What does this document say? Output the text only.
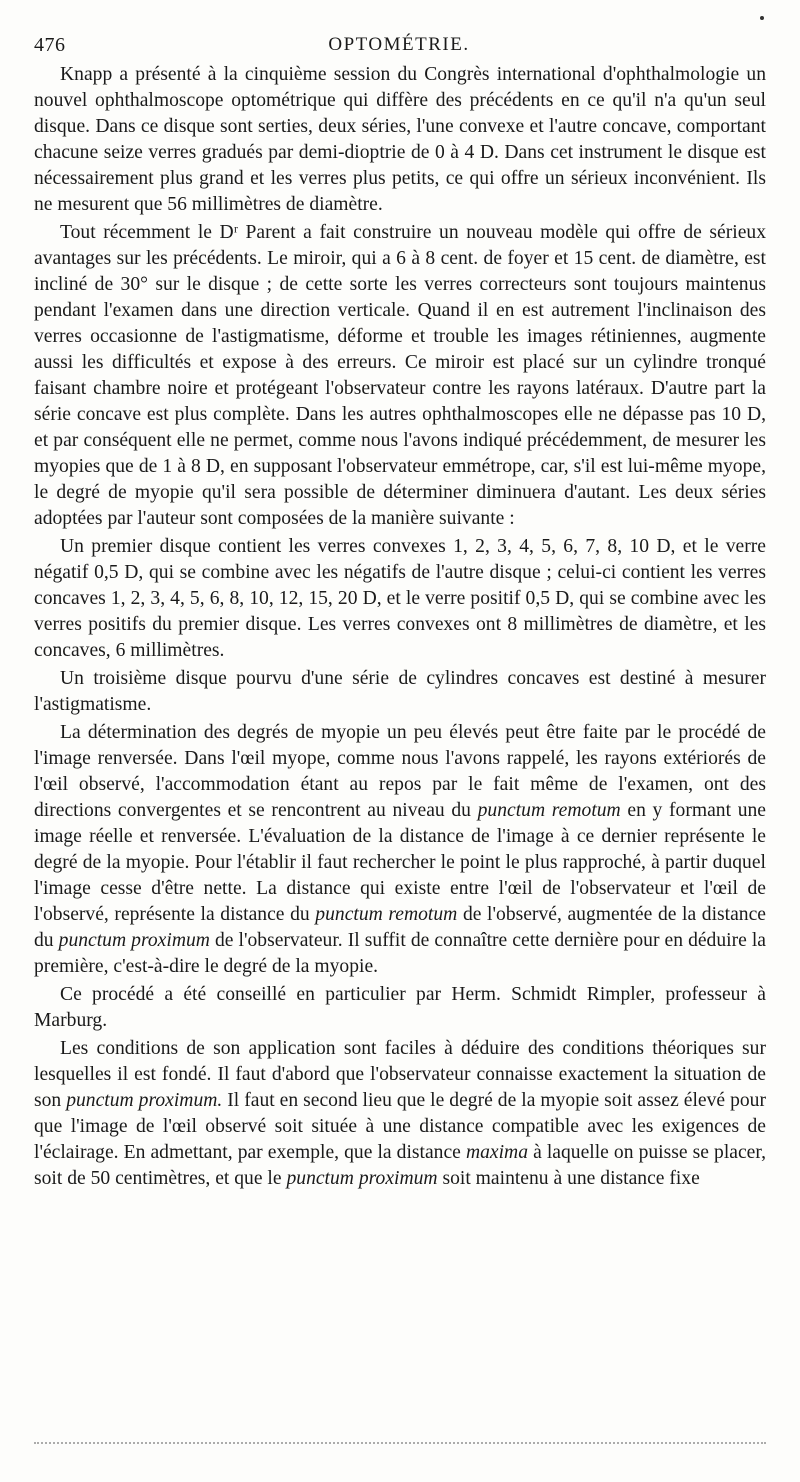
476	OPTOMÉTRIE.

Knapp a présenté à la cinquième session du Congrès international d'ophthalmologie un nouvel ophthalmoscope optométrique qui diffère des précédents en ce qu'il n'a qu'un seul disque. Dans ce disque sont serties, deux séries, l'une convexe et l'autre concave, comportant chacune seize verres gradués par demi-dioptrie de 0 à 4 D. Dans cet instrument le disque est nécessairement plus grand et les verres plus petits, ce qui offre un sérieux inconvénient. Ils ne mesurent que 56 millimètres de diamètre.

Tout récemment le Dʳ Parent a fait construire un nouveau modèle qui offre de sérieux avantages sur les précédents. Le miroir, qui a 6 à 8 cent. de foyer et 15 cent. de diamètre, est incliné de 30° sur le disque ; de cette sorte les verres correcteurs sont toujours maintenus pendant l'examen dans une direction verticale. Quand il en est autrement l'inclinaison des verres occasionne de l'astigmatisme, déforme et trouble les images rétiniennes, augmente aussi les difficultés et expose à des erreurs. Ce miroir est placé sur un cylindre tronqué faisant chambre noire et protégeant l'observateur contre les rayons latéraux. D'autre part la série concave est plus complète. Dans les autres ophthalmoscopes elle ne dépasse pas 10 D, et par conséquent elle ne permet, comme nous l'avons indiqué précédemment, de mesurer les myopies que de 1 à 8 D, en supposant l'observateur emmétrope, car, s'il est lui-même myope, le degré de myopie qu'il sera possible de déterminer diminuera d'autant. Les deux séries adoptées par l'auteur sont composées de la manière suivante :

Un premier disque contient les verres convexes 1, 2, 3, 4, 5, 6, 7, 8, 10 D, et le verre négatif 0,5 D, qui se combine avec les négatifs de l'autre disque ; celui-ci contient les verres concaves 1, 2, 3, 4, 5, 6, 8, 10, 12, 15, 20 D, et le verre positif 0,5 D, qui se combine avec les verres positifs du premier disque. Les verres convexes ont 8 millimètres de diamètre, et les concaves, 6 millimètres.

Un troisième disque pourvu d'une série de cylindres concaves est destiné à mesurer l'astigmatisme.

La détermination des degrés de myopie un peu élevés peut être faite par le procédé de l'image renversée. Dans l'œil myope, comme nous l'avons rappelé, les rayons extériorés de l'œil observé, l'accommodation étant au repos par le fait même de l'examen, ont des directions convergentes et se rencontrent au niveau du punctum remotum en y formant une image réelle et renversée. L'évaluation de la distance de l'image à ce dernier représente le degré de la myopie. Pour l'établir il faut rechercher le point le plus rapproché, à partir duquel l'image cesse d'être nette. La distance qui existe entre l'œil de l'observateur et l'œil de l'observé, représente la distance du punctum remotum de l'observé, augmentée de la distance du punctum proximum de l'observateur. Il suffit de connaître cette dernière pour en déduire la première, c'est-à-dire le degré de la myopie.

Ce procédé a été conseillé en particulier par Herm. Schmidt Rimpler, professeur à Marburg.

Les conditions de son application sont faciles à déduire des conditions théoriques sur lesquelles il est fondé. Il faut d'abord que l'observateur connaisse exactement la situation de son punctum proximum. Il faut en second lieu que le degré de la myopie soit assez élevé pour que l'image de l'œil observé soit située à une distance compatible avec les exigences de l'éclairage. En admettant, par exemple, que la distance maxima à laquelle on puisse se placer, soit de 50 centimètres, et que le punctum proximum soit maintenu à une distance fixe
